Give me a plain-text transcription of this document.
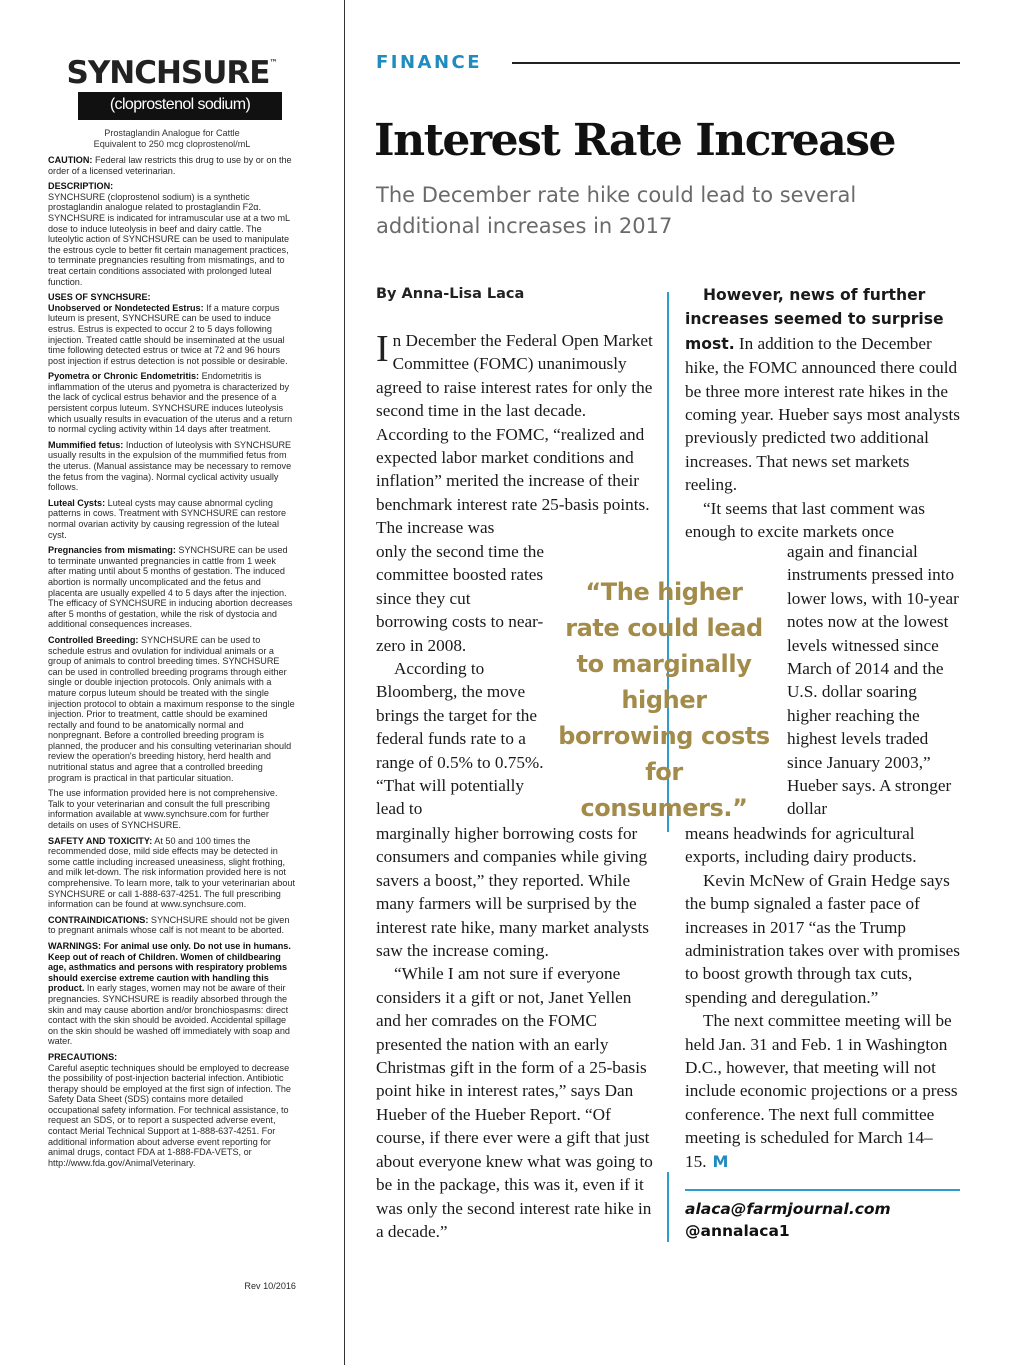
SYNCHSURE™
(cloprostenol sodium)
Prostaglandin Analogue for Cattle
Equivalent to 250 mcg cloprostenol/mL
CAUTION: Federal law restricts this drug to use by or on the order of a licensed veterinarian.
DESCRIPTION:
SYNCHSURE (cloprostenol sodium) is a synthetic prostaglandin analogue related to prostaglandin F2α. SYNCHSURE is indicated for intramuscular use at a two mL dose to induce luteolysis in beef and dairy cattle. The luteolytic action of SYNCHSURE can be used to manipulate the estrous cycle to better fit certain management practices, to terminate pregnancies resulting from mismatings, and to treat certain conditions associated with prolonged luteal function.
USES OF SYNCHSURE:
Unobserved or Nondetected Estrus: If a mature corpus luteum is present, SYNCHSURE can be used to induce estrus. Estrus is expected to occur 2 to 5 days following injection. Treated cattle should be inseminated at the usual time following detected estrus or twice at 72 and 96 hours post injection if estrus detection is not possible or desirable.
Pyometra or Chronic Endometritis: Endometritis is inflammation of the uterus and pyometra is characterized by the lack of cyclical estrus behavior and the presence of a persistent corpus luteum. SYNCHSURE induces luteolysis which usually results in evacuation of the uterus and a return to normal cycling activity within 14 days after treatment.
Mummified fetus: Induction of luteolysis with SYNCHSURE usually results in the expulsion of the mummified fetus from the uterus. (Manual assistance may be necessary to remove the fetus from the vagina). Normal cyclical activity usually follows.
Luteal Cysts: Luteal cysts may cause abnormal cycling patterns in cows. Treatment with SYNCHSURE can restore normal ovarian activity by causing regression of the luteal cyst.
Pregnancies from mismating: SYNCHSURE can be used to terminate unwanted pregnancies in cattle from 1 week after mating until about 5 months of gestation. The induced abortion is normally uncomplicated and the fetus and placenta are usually expelled 4 to 5 days after the injection. The efficacy of SYNCHSURE in inducing abortion decreases after 5 months of gestation, while the risk of dystocia and additional consequences increases.
Controlled Breeding: SYNCHSURE can be used to schedule estrus and ovulation for individual animals or a group of animals to control breeding times. SYNCHSURE can be used in controlled breeding programs through either single or double injection protocols. Only animals with a mature corpus luteum should be treated with the single injection protocol to obtain a maximum response to the single injection. Prior to treatment, cattle should be examined rectally and found to be anatomically normal and nonpregnant. Before a controlled breeding program is planned, the producer and his consulting veterinarian should review the operation's breeding history, herd health and nutritional status and agree that a controlled breeding program is practical in that particular situation.
The use information provided here is not comprehensive. Talk to your veterinarian and consult the full prescribing information available at www.synchsure.com for further details on uses of SYNCHSURE.
SAFETY AND TOXICITY: At 50 and 100 times the recommended dose, mild side effects may be detected in some cattle including increased uneasiness, slight frothing, and milk let-down. The risk information provided here is not comprehensive. To learn more, talk to your veterinarian about SYNCHSURE or call 1-888-637-4251. The full prescribing information can be found at www.synchsure.com.
CONTRAINDICATIONS: SYNCHSURE should not be given to pregnant animals whose calf is not meant to be aborted.
WARNINGS: For animal use only. Do not use in humans. Keep out of reach of Children. Women of childbearing age, asthmatics and persons with respiratory problems should exercise extreme caution with handling this product. In early stages, women may not be aware of their pregnancies. SYNCHSURE is readily absorbed through the skin and may cause abortion and/or bronchiospasms: direct contact with the skin should be avoided. Accidental spillage on the skin should be washed off immediately with soap and water.
PRECAUTIONS:
Careful aseptic techniques should be employed to decrease the possibility of post-injection bacterial infection. Antibiotic therapy should be employed at the first sign of infection. The Safety Data Sheet (SDS) contains more detailed occupational safety information. For technical assistance, to request an SDS, or to report a suspected adverse event, contact Merial Technical Support at 1-888-637-4251. For additional information about adverse event reporting for animal drugs, contact FDA at 1-888-FDA-VETS, or http://www.fda.gov/AnimalVeterinary.
Rev 10/2016
FINANCE
Interest Rate Increase
The December rate hike could lead to several additional increases in 2017
By Anna-Lisa Laca

In December the Federal Open Market Committee (FOMC) unanimously agreed to raise interest rates for only the second time in the last decade. According to the FOMC, “realized and expected labor market conditions and inflation” merited the increase of their benchmark interest rate 25-basis points. The increase was

only the second time the committee boosted rates since they cut borrowing costs to near-zero in 2008.

According to Bloomberg, the move brings the target for the federal funds rate to a range of 0.5% to 0.75%. “That will potentially lead to

marginally higher borrowing costs for consumers and companies while giving savers a boost,” they reported. While many farmers will be surprised by the interest rate hike, many market analysts saw the increase coming.

“While I am not sure if everyone considers it a gift or not, Janet Yellen and her comrades on the FOMC presented the nation with an early Christmas gift in the form of a 25-basis point hike in interest rates,” says Dan Hueber of the Hueber Report. “Of course, if there ever were a gift that just about everyone knew what was going to be in the package, this was it, even if it was only the second interest rate hike in a decade.”

“The higher rate could lead to marginally higher borrowing costs for consumers.”

However, news of further increases seemed to surprise most. In addition to the December hike, the FOMC announced there could be three more interest rate hikes in the coming year. Hueber says most analysts previously predicted two additional increases. That news set markets reeling.

“It seems that last comment was enough to excite markets once

again and financial instruments pressed into lower lows, with 10-year notes now at the lowest levels witnessed since March of 2014 and the U.S. dollar soaring higher reaching the highest levels traded since January 2003,” Hueber says. A stronger dollar

means headwinds for agricultural exports, including dairy products.

Kevin McNew of Grain Hedge says the bump signaled a faster pace of increases in 2017 “as the Trump administration takes over with promises to boost growth through tax cuts, spending and deregulation.”

The next committee meeting will be held Jan. 31 and Feb. 1 in Washington D.C., however, that meeting will not include economic projections or a press conference. The next full committee meeting is scheduled for March 14–15. M

alaca@farmjournal.com
@annalaca1
